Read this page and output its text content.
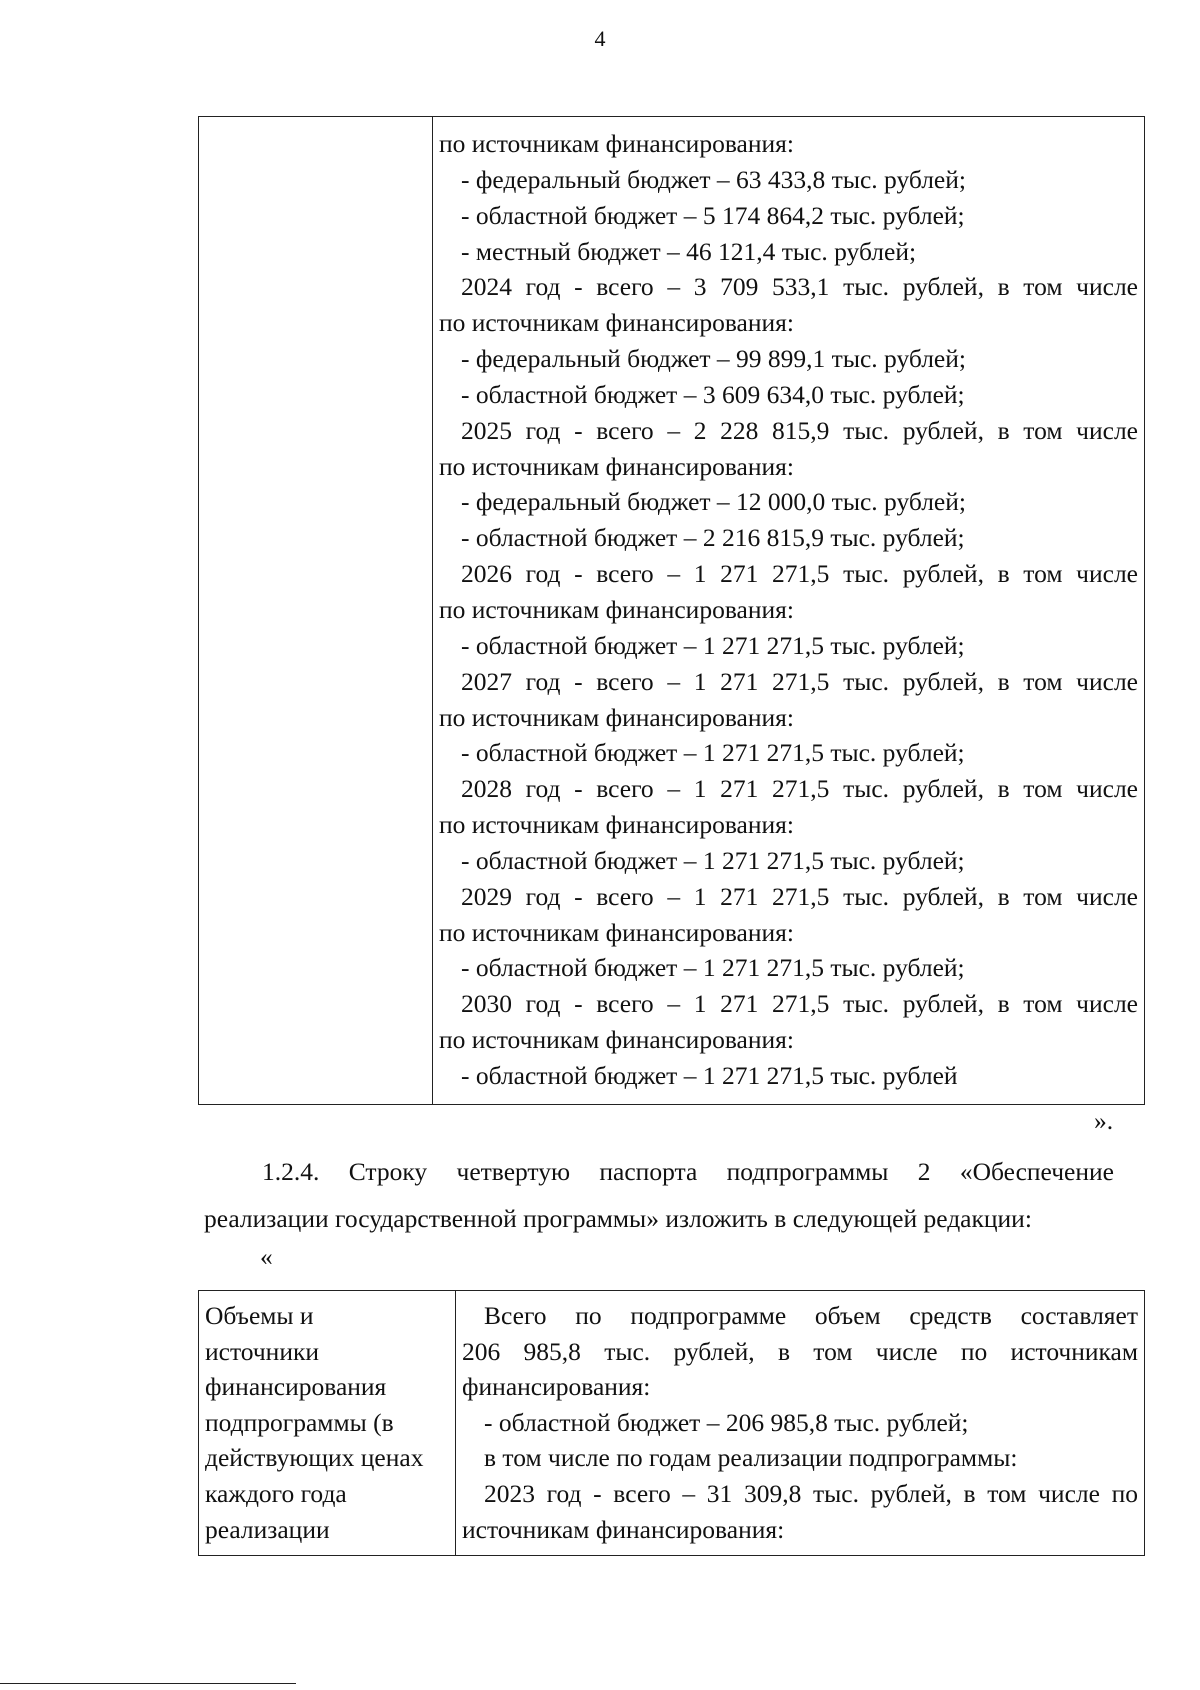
4

по источникам финансирования:
- федеральный бюджет – 63 433,8 тыс. рублей;
- областной бюджет – 5 174 864,2 тыс. рублей;
- местный бюджет – 46 121,4 тыс. рублей;
2024 год - всего – 3 709 533,1 тыс. рублей, в том числе
по источникам финансирования:
- федеральный бюджет – 99 899,1 тыс. рублей;
- областной бюджет – 3 609 634,0 тыс. рублей;
2025 год - всего – 2 228 815,9 тыс. рублей, в том числе
по источникам финансирования:
- федеральный бюджет – 12 000,0 тыс. рублей;
- областной бюджет – 2 216 815,9 тыс. рублей;
2026 год - всего – 1 271 271,5 тыс. рублей, в том числе
по источникам финансирования:
- областной бюджет – 1 271 271,5 тыс. рублей;
2027 год - всего – 1 271 271,5 тыс. рублей, в том числе
по источникам финансирования:
- областной бюджет – 1 271 271,5 тыс. рублей;
2028 год - всего – 1 271 271,5 тыс. рублей, в том числе
по источникам финансирования:
- областной бюджет – 1 271 271,5 тыс. рублей;
2029 год - всего – 1 271 271,5 тыс. рублей, в том числе
по источникам финансирования:
- областной бюджет – 1 271 271,5 тыс. рублей;
2030 год - всего – 1 271 271,5 тыс. рублей, в том числе
по источникам финансирования:
- областной бюджет – 1 271 271,5 тыс. рублей
».
1.2.4. Строку четвертую паспорта подпрограммы 2 «Обеспечение
реализации государственной программы» изложить в следующей редакции:
«
Объемы и
источники
финансирования
подпрограммы (в
действующих ценах
каждого года
реализации

Всего по подпрограмме объем средств составляет
206 985,8 тыс. рублей, в том числе по источникам
финансирования:
- областной бюджет – 206 985,8 тыс. рублей;
в том числе по годам реализации подпрограммы:
2023 год - всего – 31 309,8 тыс. рублей, в том числе по
источникам финансирования:
